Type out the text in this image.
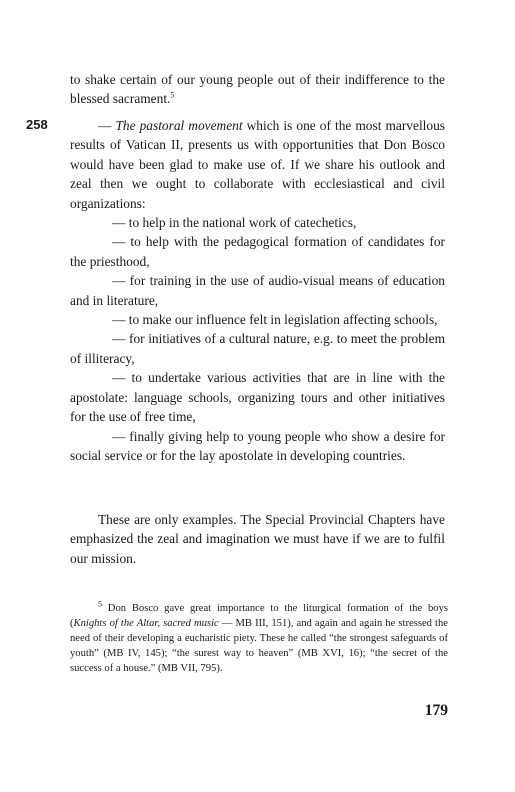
to shake certain of our young people out of their indifference to the blessed sacrament.$^5$

258	— The pastoral movement which is one of the most marvellous results of Vatican II, presents us with opportunities that Don Bosco would have been glad to make use of. If we share his outlook and zeal then we ought to collaborate with ecclesiastical and civil organizations:

— to help in the national work of catechetics,

— to help with the pedagogical formation of candidates for the priesthood,

— for training in the use of audio-visual means of education and in literature,

— to make our influence felt in legislation affecting schools,

— for initiatives of a cultural nature, e.g. to meet the problem of illiteracy,

— to undertake various activities that are in line with the apostolate: language schools, organizing tours and other initiatives for the use of free time,

— finally giving help to young people who show a desire for social service or for the lay apostolate in developing countries.

These are only examples. The Special Provincial Chapters have emphasized the zeal and imagination we must have if we are to fulfil our mission.

$^5$ Don Bosco gave great importance to the liturgical formation of the boys (Knights of the Altar, sacred music — MB III, 151), and again and again he stressed the need of their developing a eucharistic piety. These he called “the strongest safeguards of youth” (MB IV, 145); “the surest way to heaven” (MB XVI, 16); “the secret of the success of a house.” (MB VII, 795).

179
